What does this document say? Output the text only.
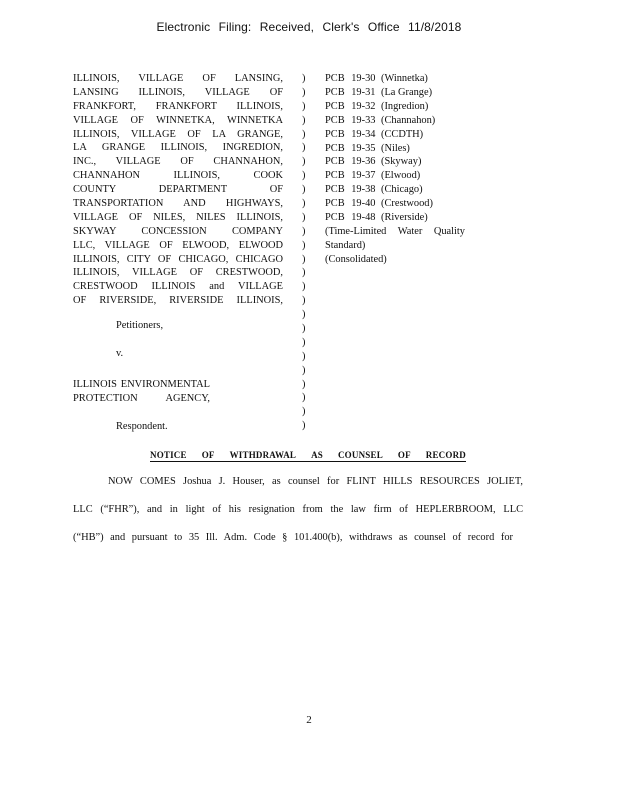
Electronic Filing: Received, Clerk's Office 11/8/2018
ILLINOIS, VILLAGE OF LANSING,
LANSING ILLINOIS, VILLAGE OF
FRANKFORT, FRANKFORT ILLINOIS,
VILLAGE OF WINNETKA, WINNETKA
ILLINOIS, VILLAGE OF LA GRANGE,
LA GRANGE ILLINOIS, INGREDION,
INC., VILLAGE OF CHANNAHON,
CHANNAHON ILLINOIS, COOK
COUNTY DEPARTMENT OF
TRANSPORTATION AND HIGHWAYS,
VILLAGE OF NILES, NILES ILLINOIS,
SKYWAY CONCESSION COMPANY
LLC, VILLAGE OF ELWOOD, ELWOOD
ILLINOIS, CITY OF CHICAGO, CHICAGO
ILLINOIS, VILLAGE OF CRESTWOOD,
CRESTWOOD ILLINOIS and VILLAGE
OF RIVERSIDE, RIVERSIDE ILLINOIS,
Petitioners,
v.
ILLINOIS ENVIRONMENTAL
PROTECTION AGENCY,
Respondent.
)
)
)
)
)
)
)
)
)
)
)
)
)
)
)
)
)
)
)
)
)
)
)
)
)
)
PCB 19-30 (Winnetka)
PCB 19-31 (La Grange)
PCB 19-32 (Ingredion)
PCB 19-33 (Channahon)
PCB 19-34 (CCDTH)
PCB 19-35 (Niles)
PCB 19-36 (Skyway)
PCB 19-37 (Elwood)
PCB 19-38 (Chicago)
PCB 19-40 (Crestwood)
PCB 19-48 (Riverside)
(Time-Limited Water Quality
Standard)
(Consolidated)
NOTICE OF WITHDRAWAL AS COUNSEL OF RECORD
NOW COMES Joshua J. Houser, as counsel for FLINT HILLS RESOURCES JOLIET,
LLC (“FHR”), and in light of his resignation from the law firm of HEPLERBROOM, LLC
(“HB”) and pursuant to 35 Ill. Adm. Code § 101.400(b), withdraws as counsel of record for
2
